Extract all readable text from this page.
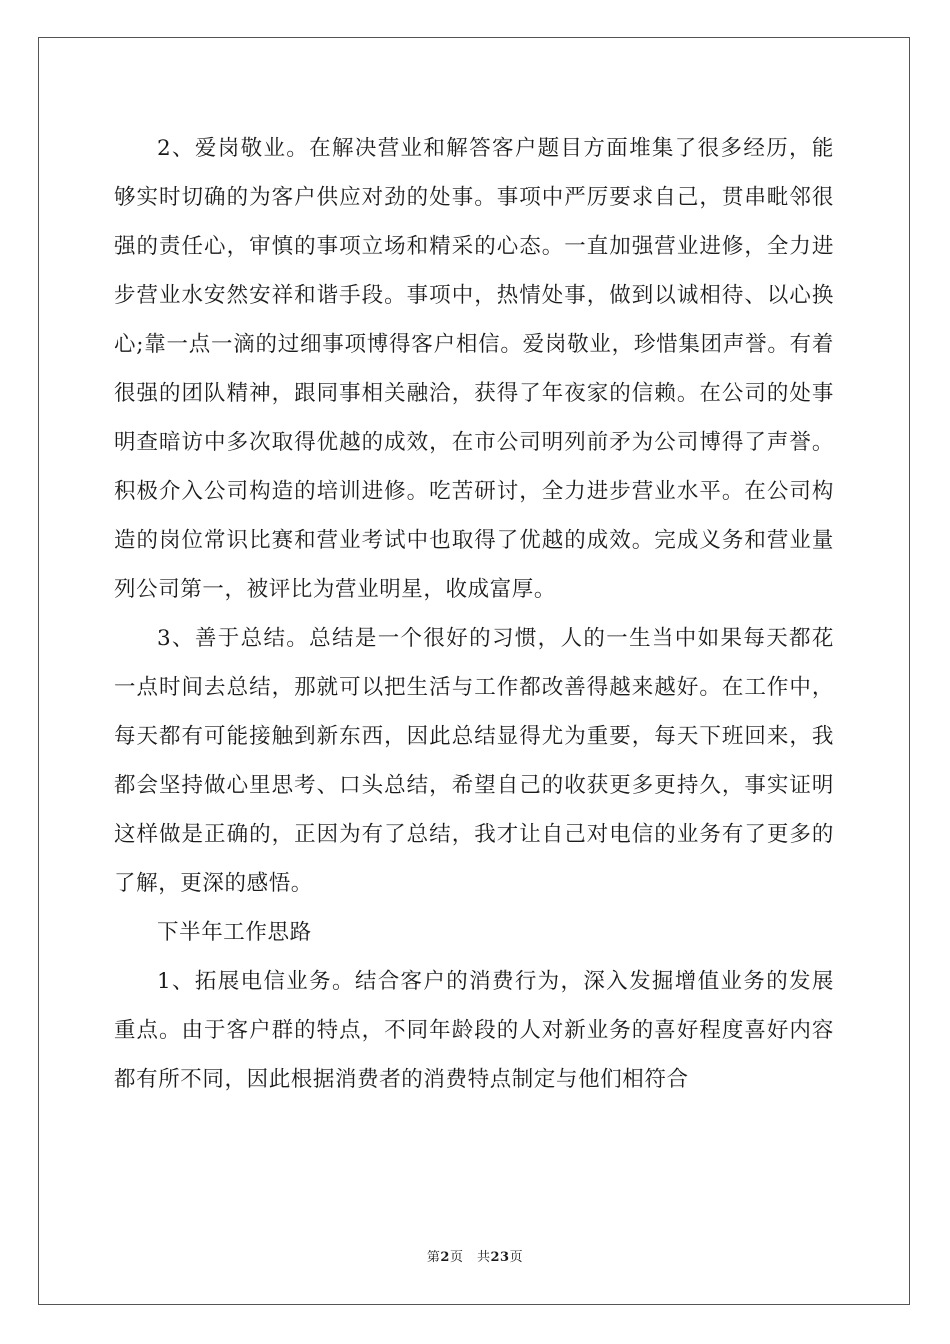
2、爱岗敬业。在解决营业和解答客户题目方面堆集了很多经历，能够实时切确的为客户供应对劲的处事。事项中严厉要求自己，贯串毗邻很强的责任心，审慎的事项立场和精采的心态。一直加强营业进修，全力进步营业水安然安祥和谐手段。事项中，热情处事，做到以诚相待、以心换心;靠一点一滴的过细事项博得客户相信。爱岗敬业，珍惜集团声誉。有着很强的团队精神，跟同事相关融洽，获得了年夜家的信赖。在公司的处事明查暗访中多次取得优越的成效，在市公司明列前矛为公司博得了声誉。积极介入公司构造的培训进修。吃苦研讨，全力进步营业水平。在公司构造的岗位常识比赛和营业考试中也取得了优越的成效。完成义务和营业量列公司第一，被评比为营业明星，收成富厚。

3、善于总结。总结是一个很好的习惯，人的一生当中如果每天都花一点时间去总结，那就可以把生活与工作都改善得越来越好。在工作中，每天都有可能接触到新东西，因此总结显得尤为重要，每天下班回来，我都会坚持做心里思考、口头总结，希望自己的收获更多更持久，事实证明这样做是正确的，正因为有了总结，我才让自己对电信的业务有了更多的了解，更深的感悟。

下半年工作思路

1、拓展电信业务。结合客户的消费行为，深入发掘增值业务的发展重点。由于客户群的特点，不同年龄段的人对新业务的喜好程度喜好内容都有所不同，因此根据消费者的消费特点制定与他们相符合

第2页　共23页
